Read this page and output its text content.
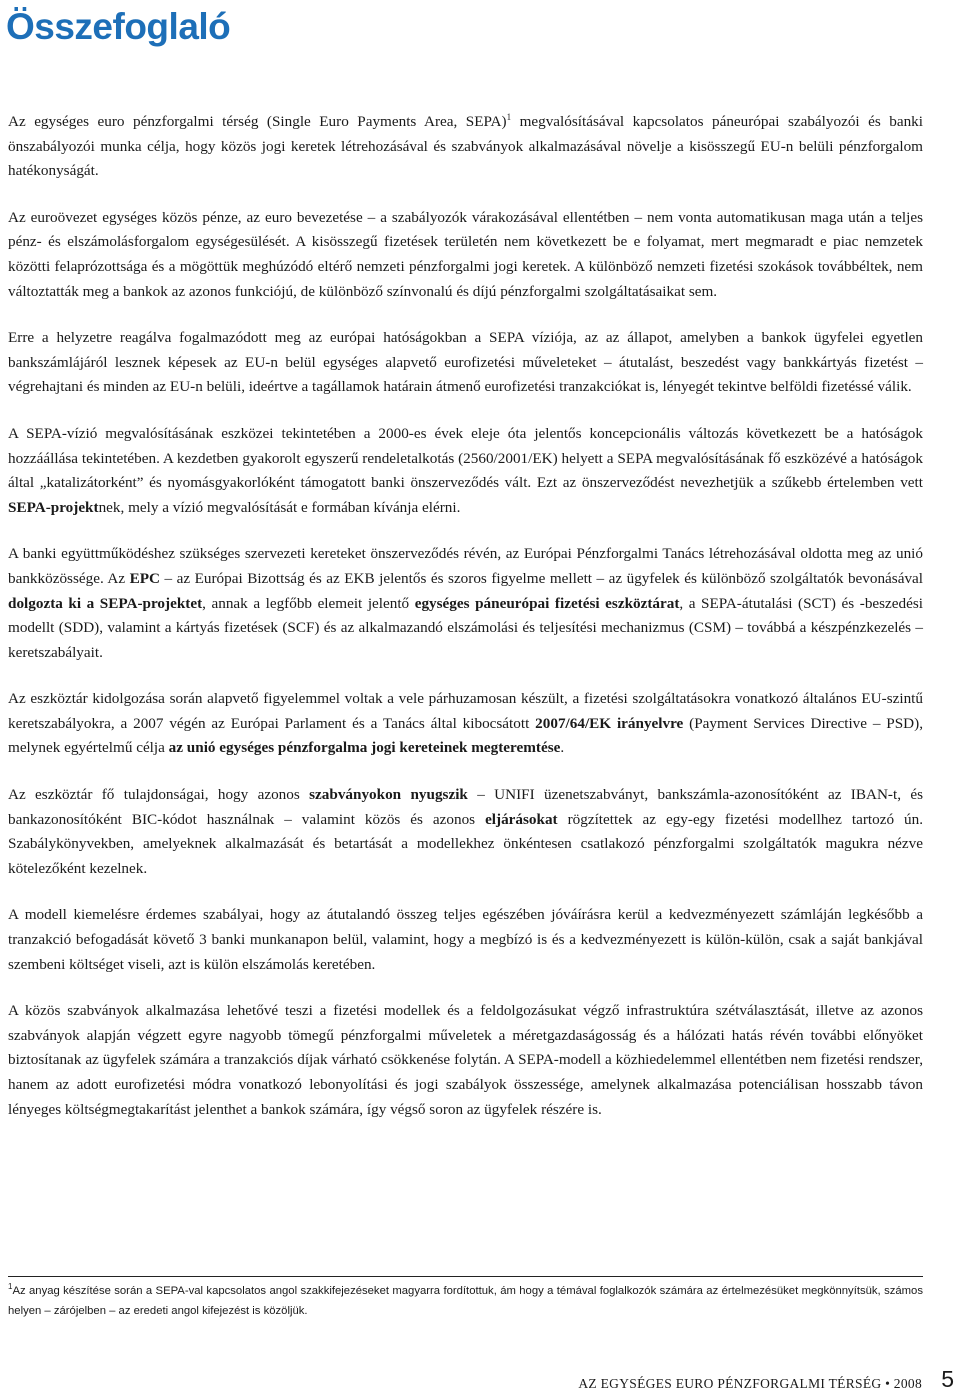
Összefoglaló

Az egységes euro pénzforgalmi térség (Single Euro Payments Area, SEPA)$^1$ megvalósításával kapcsolatos páneurópai szabályozói és banki önszabályozói munka célja, hogy közös jogi keretek létrehozásával és szabványok alkalmazásával növelje a kisösszegű EU-n belüli pénzforgalom hatékonyságát.

Az euroövezet egységes közös pénze, az euro bevezetése – a szabályozók várakozásával ellentétben – nem vonta automatikusan maga után a teljes pénz- és elszámolásforgalom egységesülését. A kisösszegű fizetések területén nem következett be e folyamat, mert megmaradt e piac nemzetek közötti felaprózottsága és a mögöttük meghúzódó eltérő nemzeti pénzforgalmi jogi keretek. A különböző nemzeti fizetési szokások továbbéltek, nem változtatták meg a bankok az azonos funkciójú, de különböző színvonalú és díjú pénzforgalmi szolgáltatásaikat sem.

Erre a helyzetre reagálva fogalmazódott meg az európai hatóságokban a SEPA víziója, az az állapot, amelyben a bankok ügyfelei egyetlen bankszámlájáról lesznek képesek az EU-n belül egységes alapvető eurofizetési műveleteket – átutalást, beszedést vagy bankkártyás fizetést – végrehajtani és minden az EU-n belüli, ideértve a tagállamok határain átmenő eurofizetési tranzakciókat is, lényegét tekintve belföldi fizetéssé válik.

A SEPA-vízió megvalósításának eszközei tekintetében a 2000-es évek eleje óta jelentős koncepcionális változás következett be a hatóságok hozzáállása tekintetében. A kezdetben gyakorolt egyszerű rendeletalkotás (2560/2001/EK) helyett a SEPA megvalósításának fő eszközévé a hatóságok által „katalizátorként” és nyomásgyakorlóként támogatott banki önszerveződés vált. Ezt az önszerveződést nevezhetjük a szűkebb értelemben vett SEPA-projektnek, mely a vízió megvalósítását e formában kívánja elérni.

A banki együttműködéshez szükséges szervezeti kereteket önszerveződés révén, az Európai Pénzforgalmi Tanács létrehozásával oldotta meg az unió bankközössége. Az EPC – az Európai Bizottság és az EKB jelentős és szoros figyelme mellett – az ügyfelek és különböző szolgáltatók bevonásával dolgozta ki a SEPA-projektet, annak a legfőbb elemeit jelentő egységes páneurópai fizetési eszköztárat, a SEPA-átutalási (SCT) és -beszedési modellt (SDD), valamint a kártyás fizetések (SCF) és az alkalmazandó elszámolási és teljesítési mechanizmus (CSM) – továbbá a készpénzkezelés – keretszabályait.

Az eszköztár kidolgozása során alapvető figyelemmel voltak a vele párhuzamosan készült, a fizetési szolgáltatásokra vonatkozó általános EU-szintű keretszabályokra, a 2007 végén az Európai Parlament és a Tanács által kibocsátott 2007/64/EK irányelvre (Payment Services Directive – PSD), melynek egyértelmű célja az unió egységes pénzforgalma jogi kereteinek megteremtése.

Az eszköztár fő tulajdonságai, hogy azonos szabványokon nyugszik – UNIFI üzenetszabványt, bankszámla-azonosítóként az IBAN-t, és bankazonosítóként BIC-kódot használnak – valamint közös és azonos eljárásokat rögzítettek az egy-egy fizetési modellhez tartozó ún. Szabálykönyvekben, amelyeknek alkalmazását és betartását a modellekhez önkéntesen csatlakozó pénzforgalmi szolgáltatók magukra nézve kötelezőként kezelnek.

A modell kiemelésre érdemes szabályai, hogy az átutalandó összeg teljes egészében jóváírásra kerül a kedvezményezett számláján legkésőbb a tranzakció befogadását követő 3 banki munkanapon belül, valamint, hogy a megbízó is és a kedvezményezett is külön-külön, csak a saját bankjával szembeni költséget viseli, azt is külön elszámolás keretében.

A közös szabványok alkalmazása lehetővé teszi a fizetési modellek és a feldolgozásukat végző infrastruktúra szétválasztását, illetve az azonos szabványok alapján végzett egyre nagyobb tömegű pénzforgalmi műveletek a méretgazdaságosság és a hálózati hatás révén további előnyöket biztosítanak az ügyfelek számára a tranzakciós díjak várható csökkenése folytán. A SEPA-modell a közhiedelemmel ellentétben nem fizetési rendszer, hanem az adott eurofizetési módra vonatkozó lebonyolítási és jogi szabályok összessége, amelynek alkalmazása potenciálisan hosszabb távon lényeges költségmegtakarítást jelenthet a bankok számára, így végső soron az ügyfelek részére is.

$^1$Az anyag készítése során a SEPA-val kapcsolatos angol szakkifejezéseket magyarra fordítottuk, ám hogy a témával foglalkozók számára az értelmezésüket megkönnyítsük, számos helyen – zárójelben – az eredeti angol kifejezést is közöljük.

AZ EGYSÉGES EURO PÉNZFORGALMI TÉRSÉG • 2008 5
